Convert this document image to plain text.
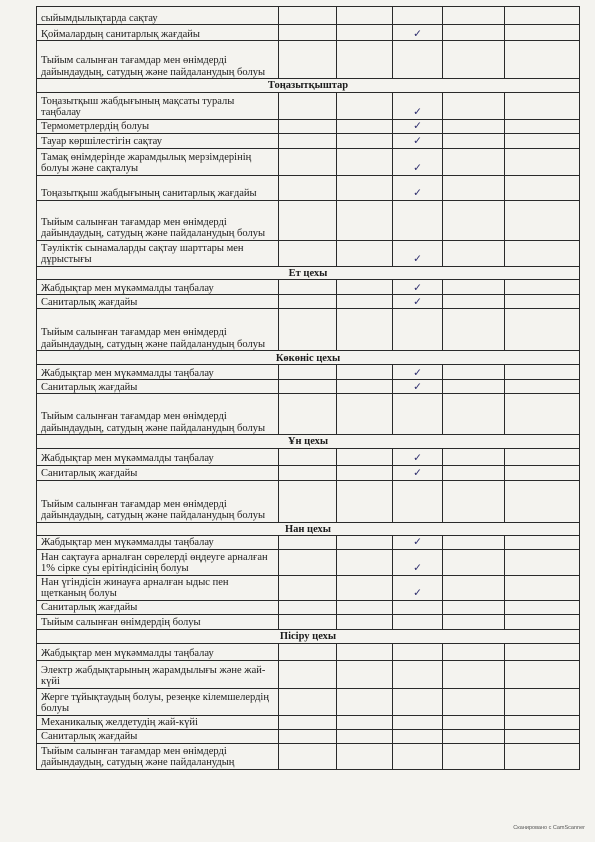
сыйымдылықтарда сақтау					
Қоймалардың санитарлық жағдайы			✓		
Тыйым салынған тағамдар мен өнімдерді дайындаудың, сатудың және пайдаланудың болуы					
Тоңазытқыштар					
Тоңазытқыш жабдығының мақсаты туралы таңбалау			✓		
Термометрлердің болуы			✓		
Тауар көршілестігін сақтау			✓		
Тамақ өнімдерінде жарамдылық мерзімдерінің болуы және сақталуы			✓		
Тоңазытқыш жабдығының санитарлық жағдайы			✓		
Тыйым салынған тағамдар мен өнімдерді дайындаудың, сатудың және пайдаланудың болуы					
Тәуліктік сынамаларды сақтау шарттары мен дұрыстығы			✓		
Ет цехы					
Жабдықтар мен мүкәммалды таңбалау			✓		
Санитарлық жағдайы			✓		
Тыйым салынған тағамдар мен өнімдерді дайындаудың, сатудың және пайдаланудың болуы					
Көкөніс цехы					
Жабдықтар мен мүкәммалды таңбалау			✓		
Санитарлық жағдайы			✓		
Тыйым салынған тағамдар мен өнімдерді дайындаудың, сатудың және пайдаланудың болуы					
Ұн цехы					
Жабдықтар мен мүкәммалды таңбалау			✓		
Санитарлық жағдайы			✓		
Тыйым салынған тағамдар мен өнімдерді дайындаудың, сатудың және пайдаланудың болуы					
Нан цехы					
Жабдықтар мен мүкәммалды таңбалау			✓		
Нан сақтауға арналған сөрелерді өңдеуге арналған 1% сірке суы ерітіндісінің болуы			✓		
Нан үгіндісін жинауға арналған ыдыс пен щетканың болуы			✓		
Санитарлық жағдайы					
Тыйым салынған өнімдердің болуы					
Пісіру цехы					
Жабдықтар мен мүкәммалды таңбалау					
Электр жабдықтарының жарамдылығы және жай-күйі					
Жерге тұйықтаудың болуы, резеңке кілемшелердің болуы					
Механикалық желдетудің жай-күйі					
Санитарлық жағдайы					
Тыйым салынған тағамдар мен өнімдерді дайындаудың, сатудың және пайдаланудың					
Сканировано с CamScanner
